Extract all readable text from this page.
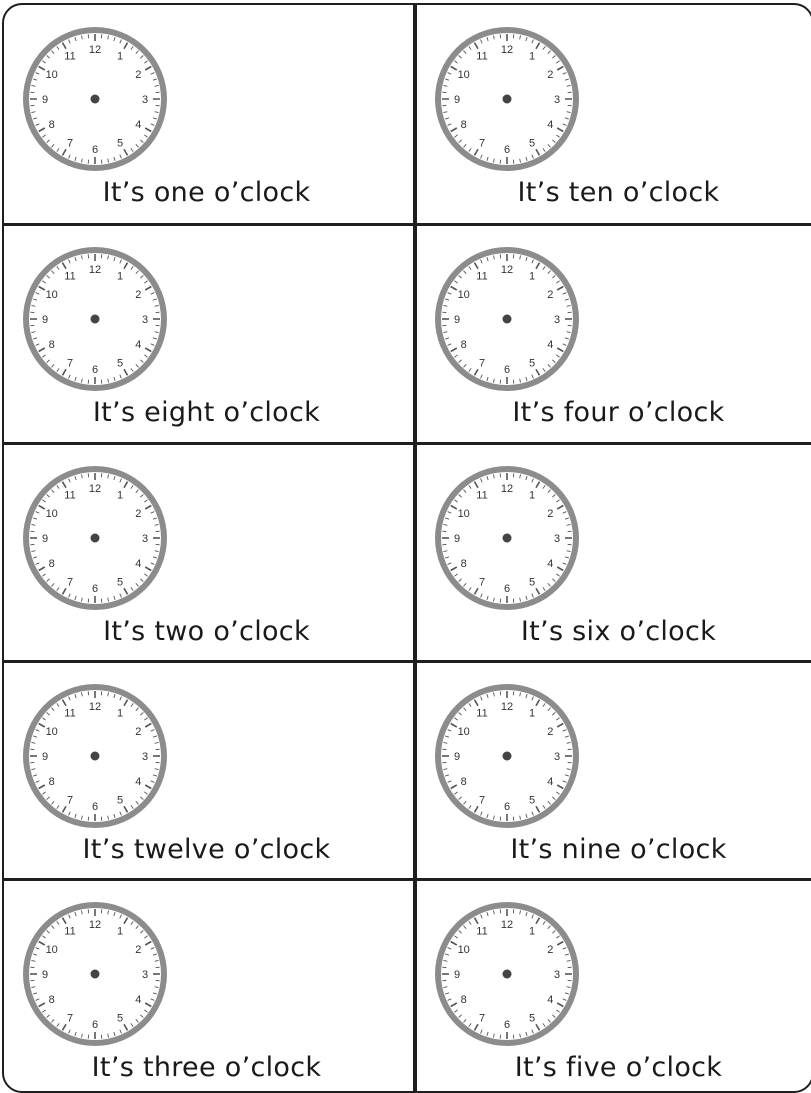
12
1
2
3
4
5
6
7
8
9
10
11
It’s one o’clock
12
1
2
3
4
5
6
7
8
9
10
11
It’s ten o’clock
12
1
2
3
4
5
6
7
8
9
10
11
It’s eight o’clock
12
1
2
3
4
5
6
7
8
9
10
11
It’s four o’clock
12
1
2
3
4
5
6
7
8
9
10
11
It’s two o’clock
12
1
2
3
4
5
6
7
8
9
10
11
It’s six o’clock
12
1
2
3
4
5
6
7
8
9
10
11
It’s twelve o’clock
12
1
2
3
4
5
6
7
8
9
10
11
It’s nine o’clock
12
1
2
3
4
5
6
7
8
9
10
11
It’s three o’clock
12
1
2
3
4
5
6
7
8
9
10
11
It’s five o’clock
